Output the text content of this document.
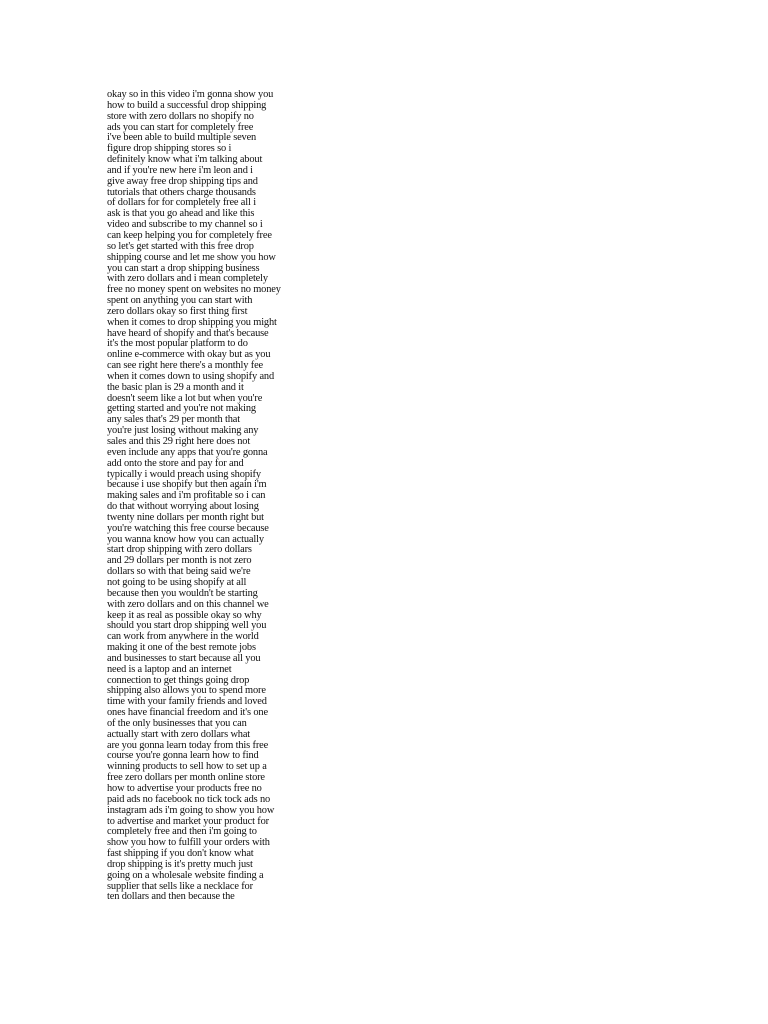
okay so in this video i'm gonna show you
how to build a successful drop shipping
store with zero dollars no shopify no
ads you can start for completely free
i've been able to build multiple seven
figure drop shipping stores so i
definitely know what i'm talking about
and if you're new here i'm leon and i
give away free drop shipping tips and
tutorials that others charge thousands
of dollars for for completely free all i
ask is that you go ahead and like this
video and subscribe to my channel so i
can keep helping you for completely free
so let's get started with this free drop
shipping course and let me show you how
you can start a drop shipping business
with zero dollars and i mean completely
free no money spent on websites no money
spent on anything you can start with
zero dollars okay so first thing first
when it comes to drop shipping you might
have heard of shopify and that's because
it's the most popular platform to do
online e-commerce with okay but as you
can see right here there's a monthly fee
when it comes down to using shopify and
the basic plan is 29 a month and it
doesn't seem like a lot but when you're
getting started and you're not making
any sales that's 29 per month that
you're just losing without making any
sales and this 29 right here does not
even include any apps that you're gonna
add onto the store and pay for and
typically i would preach using shopify
because i use shopify but then again i'm
making sales and i'm profitable so i can
do that without worrying about losing
twenty nine dollars per month right but
you're watching this free course because
you wanna know how you can actually
start drop shipping with zero dollars
and 29 dollars per month is not zero
dollars so with that being said we're
not going to be using shopify at all
because then you wouldn't be starting
with zero dollars and on this channel we
keep it as real as possible okay so why
should you start drop shipping well you
can work from anywhere in the world
making it one of the best remote jobs
and businesses to start because all you
need is a laptop and an internet
connection to get things going drop
shipping also allows you to spend more
time with your family friends and loved
ones have financial freedom and it's one
of the only businesses that you can
actually start with zero dollars what
are you gonna learn today from this free
course you're gonna learn how to find
winning products to sell how to set up a
free zero dollars per month online store
how to advertise your products free no
paid ads no facebook no tick tock ads no
instagram ads i'm going to show you how
to advertise and market your product for
completely free and then i'm going to
show you how to fulfill your orders with
fast shipping if you don't know what
drop shipping is it's pretty much just
going on a wholesale website finding a
supplier that sells like a necklace for
ten dollars and then because the
